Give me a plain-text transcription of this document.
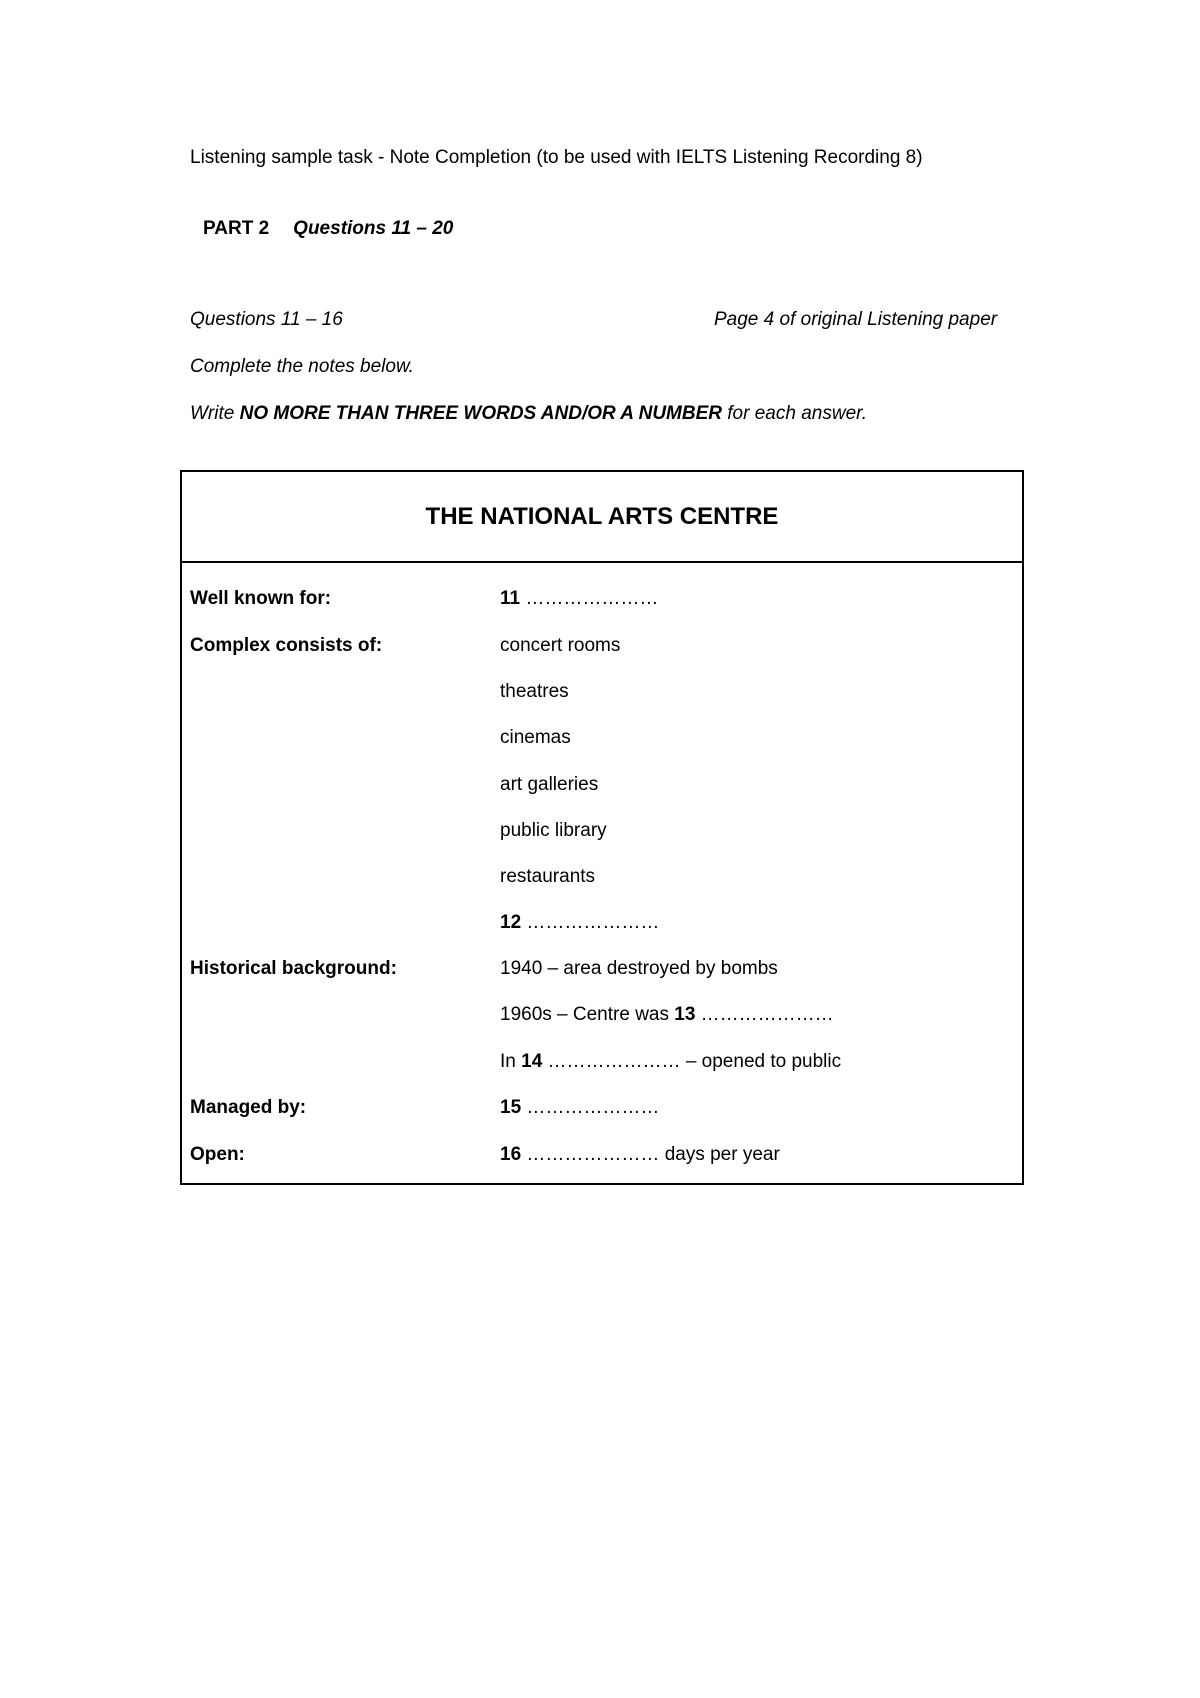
Listening sample task - Note Completion (to be used with IELTS Listening Recording 8)
PART 2 Questions 11 – 20
Questions 11 – 16	Page 4 of original Listening paper
Complete the notes below.
Write NO MORE THAN THREE WORDS AND/OR A NUMBER for each answer.
THE NATIONAL ARTS CENTRE
Well known for:	11 …………………
Complex consists of:	concert rooms
theatres
cinemas
art galleries
public library
restaurants
12 …………………
Historical background:	1940 – area destroyed by bombs
1960s – Centre was 13 …………………
In 14 ………………… – opened to public
Managed by:	15 …………………
Open:	16 ………………… days per year
